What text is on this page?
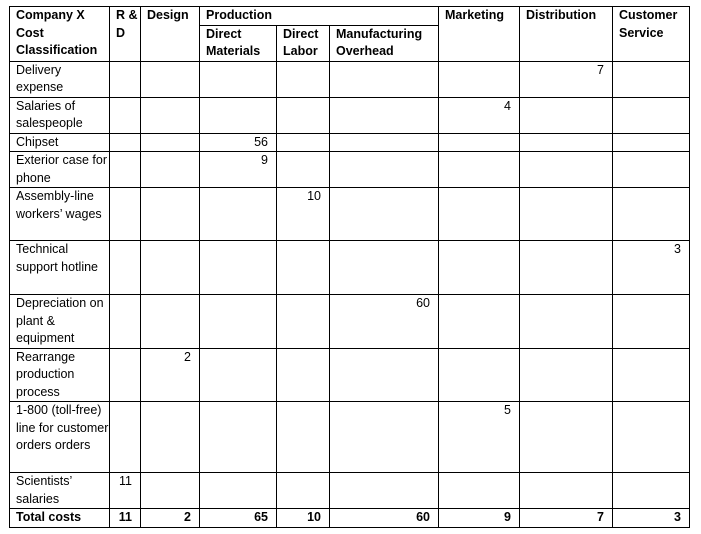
Company X Cost Classification	R & D	Design	Production			Marketing	Distribution	Customer Service
			Direct Materials	Direct Labor	Manufacturing Overhead			
Delivery expense							7	
Salaries of salespeople						4		
Chipset			56					
Exterior case for phone			9					
Assembly-line workers’ wages				10				
Technical support hotline								3
Depreciation on plant & equipment					60			
Rearrange production process		2						
1-800 (toll-free) line for customer orders orders						5		
Scientists’ salaries	11							
Total costs	11	2	65	10	60	9	7	3
